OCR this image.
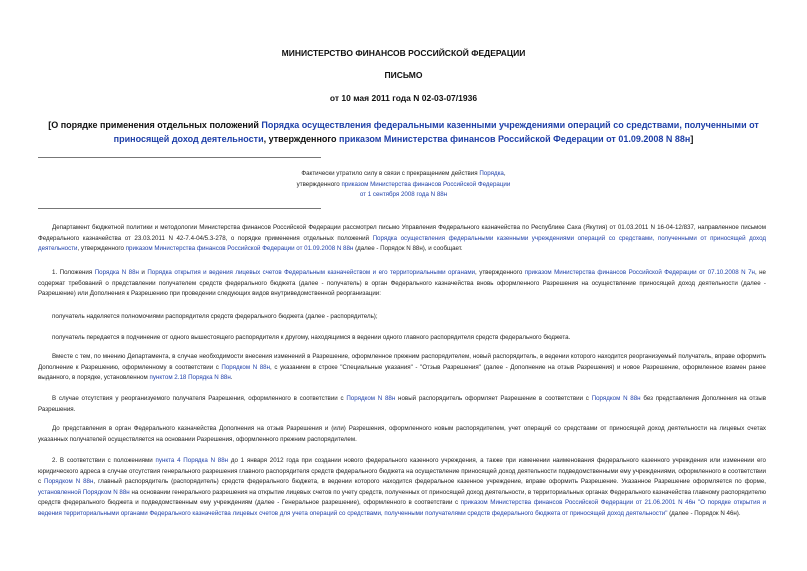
МИНИСТЕРСТВО ФИНАНСОВ РОССИЙСКОЙ ФЕДЕРАЦИИ
ПИСЬМО
от 10 мая 2011 года N 02-03-07/1936
[О порядке применения отдельных положений Порядка осуществления федеральными казенными учреждениями операций со средствами, полученными от приносящей доход деятельности, утвержденного приказом Министерства финансов Российской Федерации от 01.09.2008 N 88н]
Фактически утратило силу в связи с прекращением действия Порядка,
утвержденного приказом Министерства финансов Российской Федерации
от 1 сентября 2008 года N 88н

Департамент бюджетной политики и методологии Министерства финансов Российской Федерации рассмотрел письмо Управления Федерального казначейства по Республике Саха (Якутия) от 01.03.2011 N 16-04-12/837, направленное письмом Федерального казначейства от 23.03.2011 N 42-7.4-04/5.3-278, о порядке применения отдельных положений Порядка осуществления федеральными казенными учреждениями операций со средствами, полученными от приносящей доход деятельности, утвержденного приказом Министерства финансов Российской Федерации от 01.09.2008 N 88н (далее - Порядок N 88н), и сообщает.

1. Положения Порядка N 88н и Порядка открытия и ведения лицевых счетов Федеральным казначейством и его территориальными органами, утвержденного приказом Министерства финансов Российской Федерации от 07.10.2008 N 7н, не содержат требований о представлении получателем средств федерального бюджета (далее - получатель) в орган Федерального казначейства вновь оформленного Разрешения на осуществление приносящей доход деятельности (далее - Разрешение) или Дополнения к Разрешению при проведении следующих видов внутриведомственной реорганизации:

получатель наделяется полномочиями распорядителя средств федерального бюджета (далее - распорядитель);

получатель передается в подчинение от одного вышестоящего распорядителя к другому, находящимся в ведении одного главного распорядителя средств федерального бюджета.

Вместе с тем, по мнению Департамента, в случае необходимости внесения изменений в Разрешение, оформленное прежним распорядителем, новый распорядитель, в ведении которого находится реорганизуемый получатель, вправе оформить Дополнение к Разрешению, оформленному в соответствии с Порядком N 88н, с указанием в строке "Специальные указания" - "Отзыв Разрешения" (далее - Дополнение на отзыв Разрешения) и новое Разрешение, оформленное взамен ранее выданного, в порядке, установленном пунктом 2.18 Порядка N 88н.

В случае отсутствия у реорганизуемого получателя Разрешения, оформленного в соответствии с Порядком N 88н новый распорядитель оформляет Разрешение в соответствии с Порядком N 88н без представления Дополнения на отзыв Разрешения.

До представления в орган Федерального казначейства Дополнения на отзыв Разрешения и (или) Разрешения, оформленного новым распорядителем, учет операций со средствами от приносящей доход деятельности на лицевых счетах указанных получателей осуществляется на основании Разрешения, оформленного прежним распорядителем.

2. В соответствии с положениями пункта 4 Порядка N 88н до 1 января 2012 года при создании нового федерального казенного учреждения, а также при изменении наименования федерального казенного учреждения или изменении его юридического адреса в случае отсутствия генерального разрешения главного распорядителя средств федерального бюджета на осуществление приносящей доход деятельности подведомственными ему учреждениями, оформленного в соответствии с Порядком N 88н, главный распорядитель (распорядитель) средств федерального бюджета, в ведении которого находится федеральное казенное учреждение, вправе оформить Разрешение. Указанное Разрешение оформляется по форме, установленной Порядком N 88н на основании генерального разрешения на открытие лицевых счетов по учету средств, полученных от приносящей доход деятельности, в территориальных органах Федерального казначейства главному распорядителю средств федерального бюджета и подведомственным ему учреждениям (далее - Генеральное разрешение), оформленного в соответствии с приказом Министерства финансов Российской Федерации от 21.06.2001 N 46н "О порядке открытия и ведения территориальными органами Федерального казначейства лицевых счетов для учета операций со средствами, полученными получателями средств федерального бюджета от приносящей доход деятельности" (далее - Порядок N 46н).
